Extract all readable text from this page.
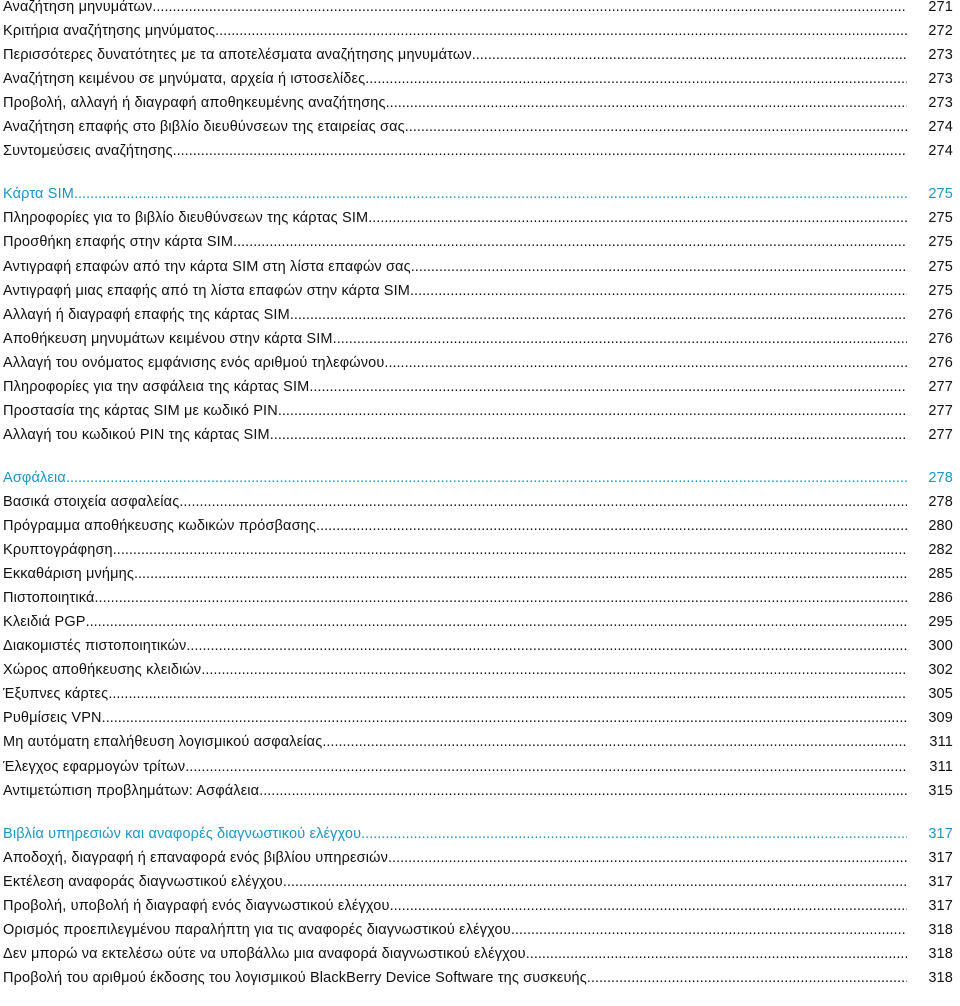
Αναζήτηση μηνυμάτων .....	271
Κριτήρια αναζήτησης μηνύματος .....	272
Περισσότερες δυνατότητες με τα αποτελέσματα αναζήτησης μηνυμάτων .....	273
Αναζήτηση κειμένου σε μηνύματα, αρχεία ή ιστοσελίδες .....	273
Προβολή, αλλαγή ή διαγραφή αποθηκευμένης αναζήτησης .....	273
Αναζήτηση επαφής στο βιβλίο διευθύνσεων της εταιρείας σας .....	274
Συντομεύσεις αναζήτησης .....	274
Κάρτα SIM .....	275
Πληροφορίες για το βιβλίο διευθύνσεων της κάρτας SIM .....	275
Προσθήκη επαφής στην κάρτα SIM .....	275
Αντιγραφή επαφών από την κάρτα SIM στη λίστα επαφών σας .....	275
Αντιγραφή μιας επαφής από τη λίστα επαφών στην κάρτα SIM .....	275
Αλλαγή ή διαγραφή επαφής της κάρτας SIM .....	276
Αποθήκευση μηνυμάτων κειμένου στην κάρτα SIM .....	276
Αλλαγή του ονόματος εμφάνισης ενός αριθμού τηλεφώνου .....	276
Πληροφορίες για την ασφάλεια της κάρτας SIM .....	277
Προστασία της κάρτας SIM με κωδικό PIN .....	277
Αλλαγή του κωδικού PIN της κάρτας SIM .....	277
Ασφάλεια .....	278
Βασικά στοιχεία ασφαλείας .....	278
Πρόγραμμα αποθήκευσης κωδικών πρόσβασης .....	280
Κρυπτογράφηση .....	282
Εκκαθάριση μνήμης .....	285
Πιστοποιητικά .....	286
Κλειδιά PGP .....	295
Διακομιστές πιστοποιητικών .....	300
Χώρος αποθήκευσης κλειδιών .....	302
Έξυπνες κάρτες .....	305
Ρυθμίσεις VPN .....	309
Μη αυτόματη επαλήθευση λογισμικού ασφαλείας .....	311
Έλεγχος εφαρμογών τρίτων .....	311
Αντιμετώπιση προβλημάτων: Ασφάλεια .....	315
Βιβλία υπηρεσιών και αναφορές διαγνωστικού ελέγχου .....	317
Αποδοχή, διαγραφή ή επαναφορά ενός βιβλίου υπηρεσιών .....	317
Εκτέλεση αναφοράς διαγνωστικού ελέγχου .....	317
Προβολή, υποβολή ή διαγραφή ενός διαγνωστικού ελέγχου .....	317
Ορισμός προεπιλεγμένου παραλήπτη για τις αναφορές διαγνωστικού ελέγχου .....	318
Δεν μπορώ να εκτελέσω ούτε να υποβάλλω μια αναφορά διαγνωστικού ελέγχου .....	318
Προβολή του αριθμού έκδοσης του λογισμικού BlackBerry Device Software της συσκευής .....	318
